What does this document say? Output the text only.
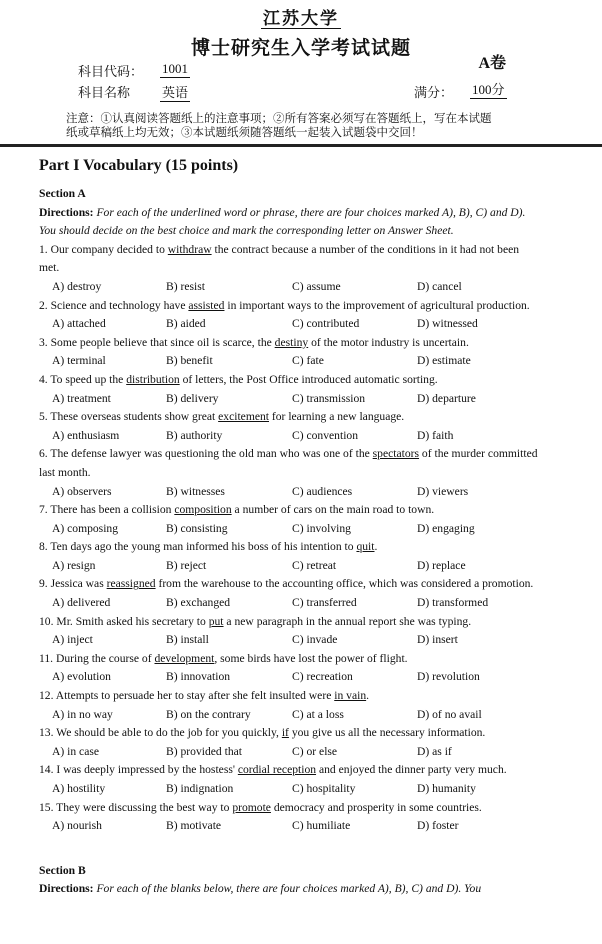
江苏大学
博士研究生入学考试试题
科目代码： 1001	A卷
科目名称 英语	满分： 100分
注意：①认真阅读答题纸上的注意事项；②所有答案必须写在答题纸上，写在本试题
纸或草稿纸上均无效；③本试题纸须随答题纸一起装入试题袋中交回！
Part I Vocabulary (15 points)
Section A
Directions: For each of the underlined word or phrase, there are four choices marked A), B), C) and D). You should decide on the best choice and mark the corresponding letter on Answer Sheet.
1. Our company decided to withdraw the contract because a number of the conditions in it had not been met.
A) destroy	B) resist	C) assume	D) cancel
2. Science and technology have assisted in important ways to the improvement of agricultural production.
A) attached	B) aided	C) contributed	D) witnessed
3. Some people believe that since oil is scarce, the destiny of the motor industry is uncertain.
A) terminal	B) benefit	C) fate	D) estimate
4. To speed up the distribution of letters, the Post Office introduced automatic sorting.
A) treatment	B) delivery	C) transmission	D) departure
5. These overseas students show great excitement for learning a new language.
A) enthusiasm	B) authority	C) convention	D) faith
6. The defense lawyer was questioning the old man who was one of the spectators of the murder committed last month.
A) observers	B) witnesses	C) audiences	D) viewers
7. There has been a collision composition a number of cars on the main road to town.
A) composing	B) consisting	C) involving	D) engaging
8. Ten days ago the young man informed his boss of his intention to quit.
A) resign	B) reject	C) retreat	D) replace
9. Jessica was reassigned from the warehouse to the accounting office, which was considered a promotion.
A) delivered	B) exchanged	C) transferred	D) transformed
10. Mr. Smith asked his secretary to put a new paragraph in the annual report she was typing.
A) inject	B) install	C) invade	D) insert
11. During the course of development, some birds have lost the power of flight.
A) evolution	B) innovation	C) recreation	D) revolution
12. Attempts to persuade her to stay after she felt insulted were in vain.
A) in no way	B) on the contrary	C) at a loss	D) of no avail
13. We should be able to do the job for you quickly, if you give us all the necessary information.
A) in case	B) provided that	C) or else	D) as if
14. I was deeply impressed by the hostess' cordial reception and enjoyed the dinner party very much.
A) hostility	B) indignation	C) hospitality	D) humanity
15. They were discussing the best way to promote democracy and prosperity in some countries.
A) nourish	B) motivate	C) humiliate	D) foster
Section B
Directions: For each of the blanks below, there are four choices marked A), B), C) and D). You
